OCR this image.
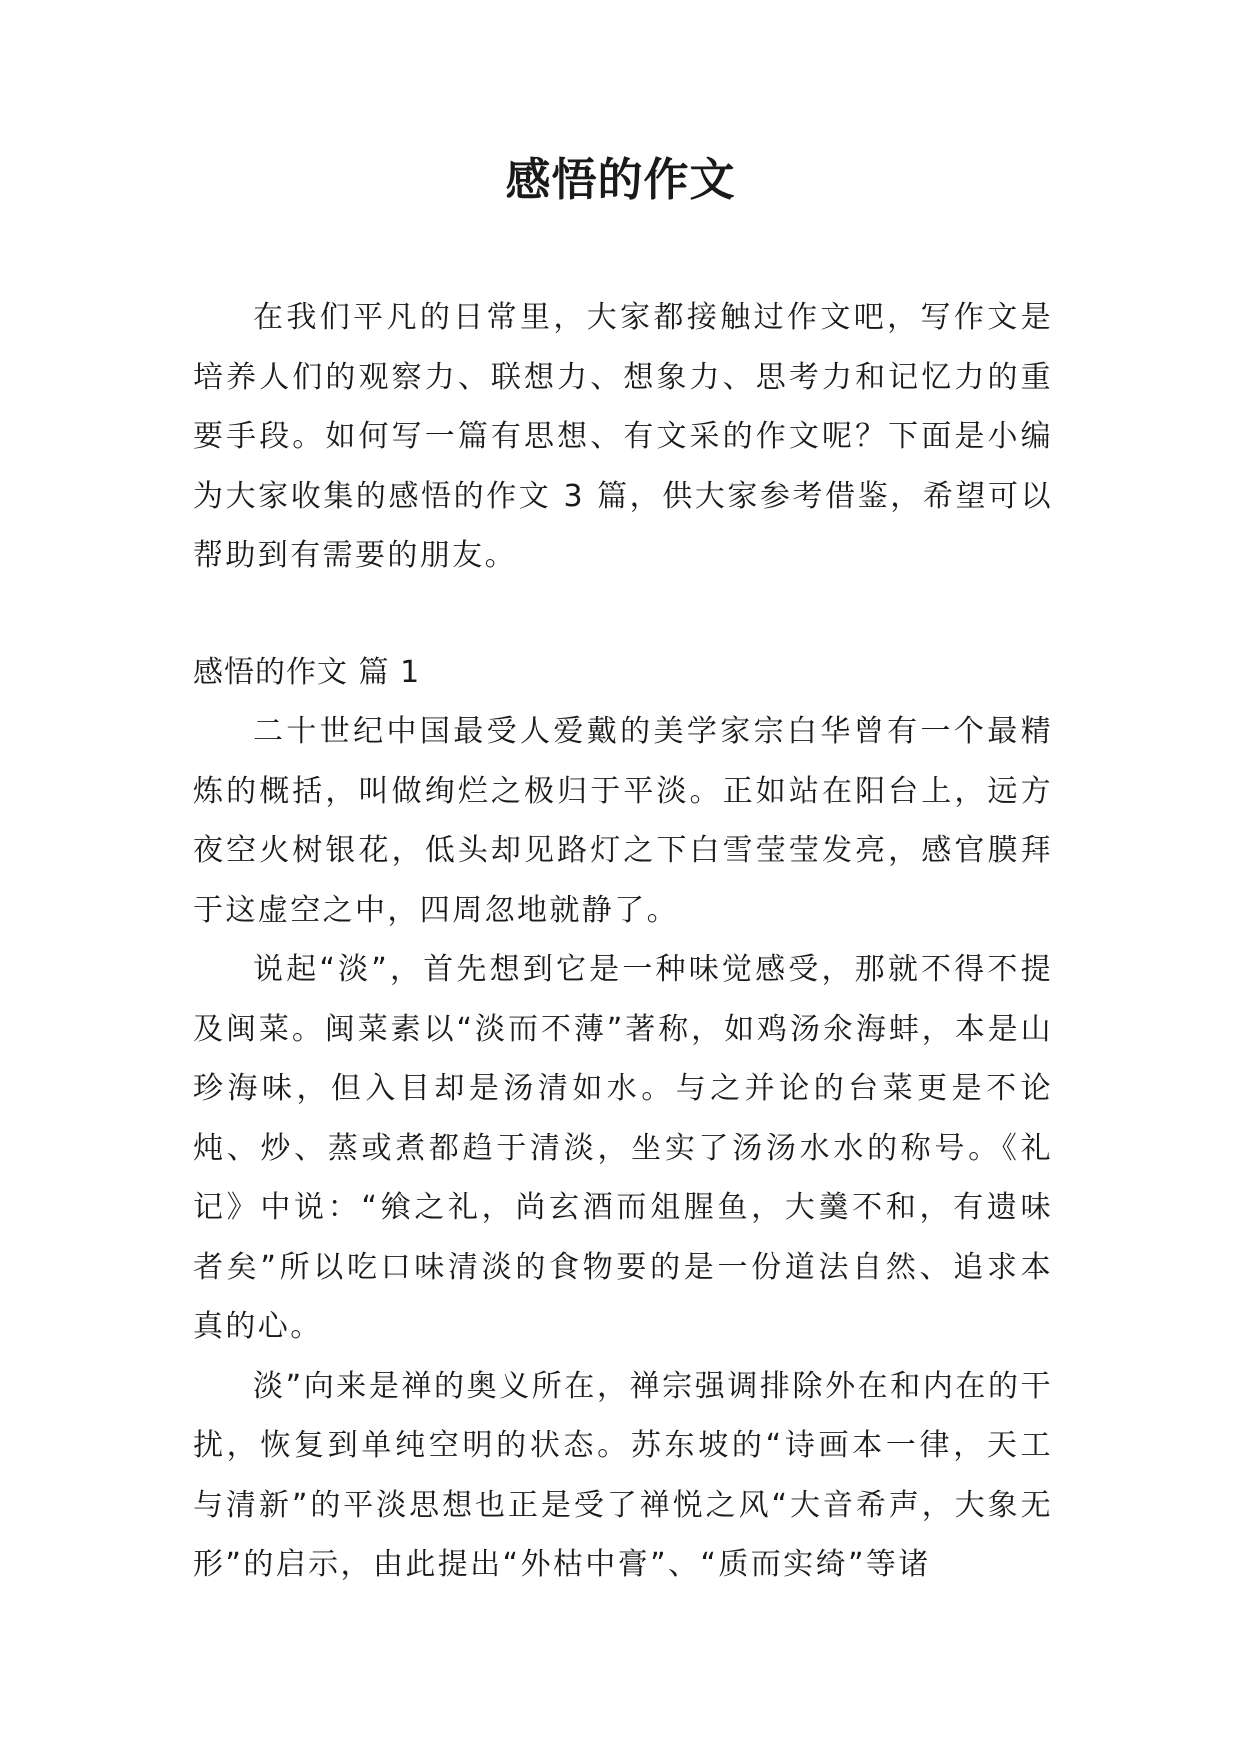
感悟的作文

在我们平凡的日常里，大家都接触过作文吧，写作文是培养人们的观察力、联想力、想象力、思考力和记忆力的重要手段。如何写一篇有思想、有文采的作文呢？下面是小编为大家收集的感悟的作文 3 篇，供大家参考借鉴，希望可以帮助到有需要的朋友。

感悟的作文 篇 1

二十世纪中国最受人爱戴的美学家宗白华曾有一个最精炼的概括，叫做绚烂之极归于平淡。正如站在阳台上，远方夜空火树银花，低头却见路灯之下白雪莹莹发亮，感官膜拜于这虚空之中，四周忽地就静了。

说起“淡”，首先想到它是一种味觉感受，那就不得不提及闽菜。闽菜素以“淡而不薄”著称，如鸡汤氽海蚌，本是山珍海味，但入目却是汤清如水。与之并论的台菜更是不论炖、炒、蒸或煮都趋于清淡，坐实了汤汤水水的称号。《礼记》中说：“飨之礼，尚玄酒而俎腥鱼，大羹不和，有遗味者矣”所以吃口味清淡的食物要的是一份道法自然、追求本真的心。

淡”向来是禅的奥义所在，禅宗强调排除外在和内在的干扰，恢复到单纯空明的状态。苏东坡的“诗画本一律，天工与清新”的平淡思想也正是受了禅悦之风“大音希声，大象无形”的启示，由此提出“外枯中膏”、“质而实绮”等诸
